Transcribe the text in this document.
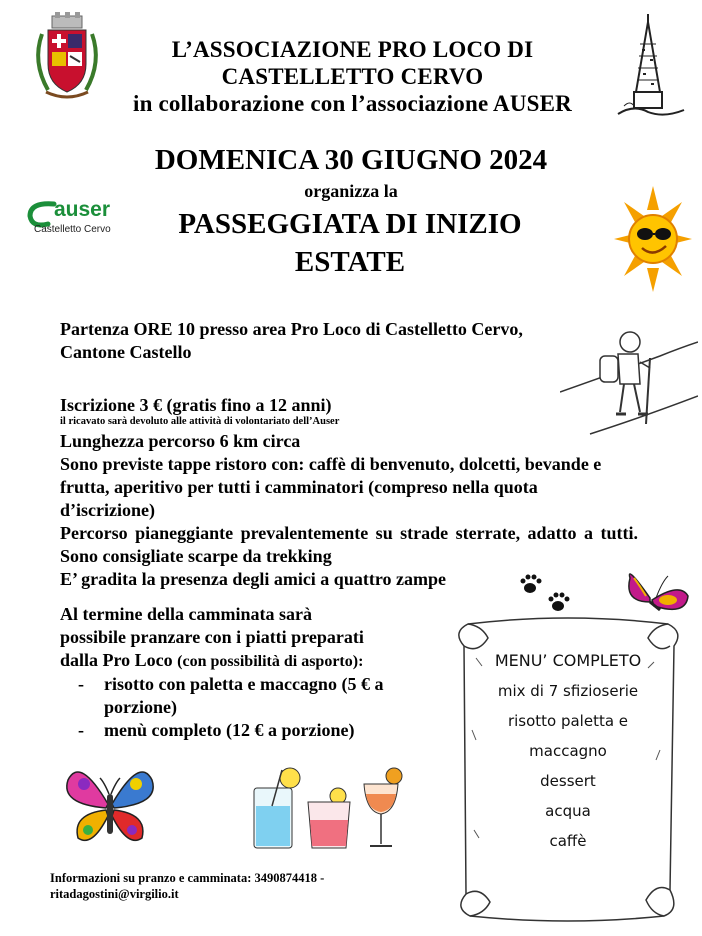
L’ASSOCIAZIONE PRO LOCO DI
CASTELLETTO CERVO
in collaborazione con l’associazione AUSER
DOMENICA 30 GIUGNO 2024
organizza la
auser
Castelletto Cervo	PASSEGGIATA DI INIZIO
ESTATE
Partenza ORE 10 presso area Pro Loco di Castelletto Cervo,
Cantone Castello
Iscrizione 3 € (gratis fino a 12 anni)
il ricavato sarà devoluto alle attività di volontariato dell’Auser
Lunghezza percorso 6 km circa
Sono previste tappe ristoro con: caffè di benvenuto, dolcetti, bevande e frutta, aperitivo per tutti i camminatori (compreso nella quota d’iscrizione)
Percorso pianeggiante prevalentemente su strade sterrate, adatto a tutti. Sono consigliate scarpe da trekking
E’ gradita la presenza degli amici a quattro zampe
Al termine della camminata sarà
possibile pranzare con i piatti preparati
dalla Pro Loco (con possibilità di asporto):
- risotto con paletta e maccagno (5 € a porzione)
- menù completo (12 € a porzione)
MENU’ COMPLETO
mix di 7 sfizioserie
risotto paletta e
maccagno
dessert
acqua
caffè
Informazioni su pranzo e camminata: 3490874418 -
ritadagostini@virgilio.it
